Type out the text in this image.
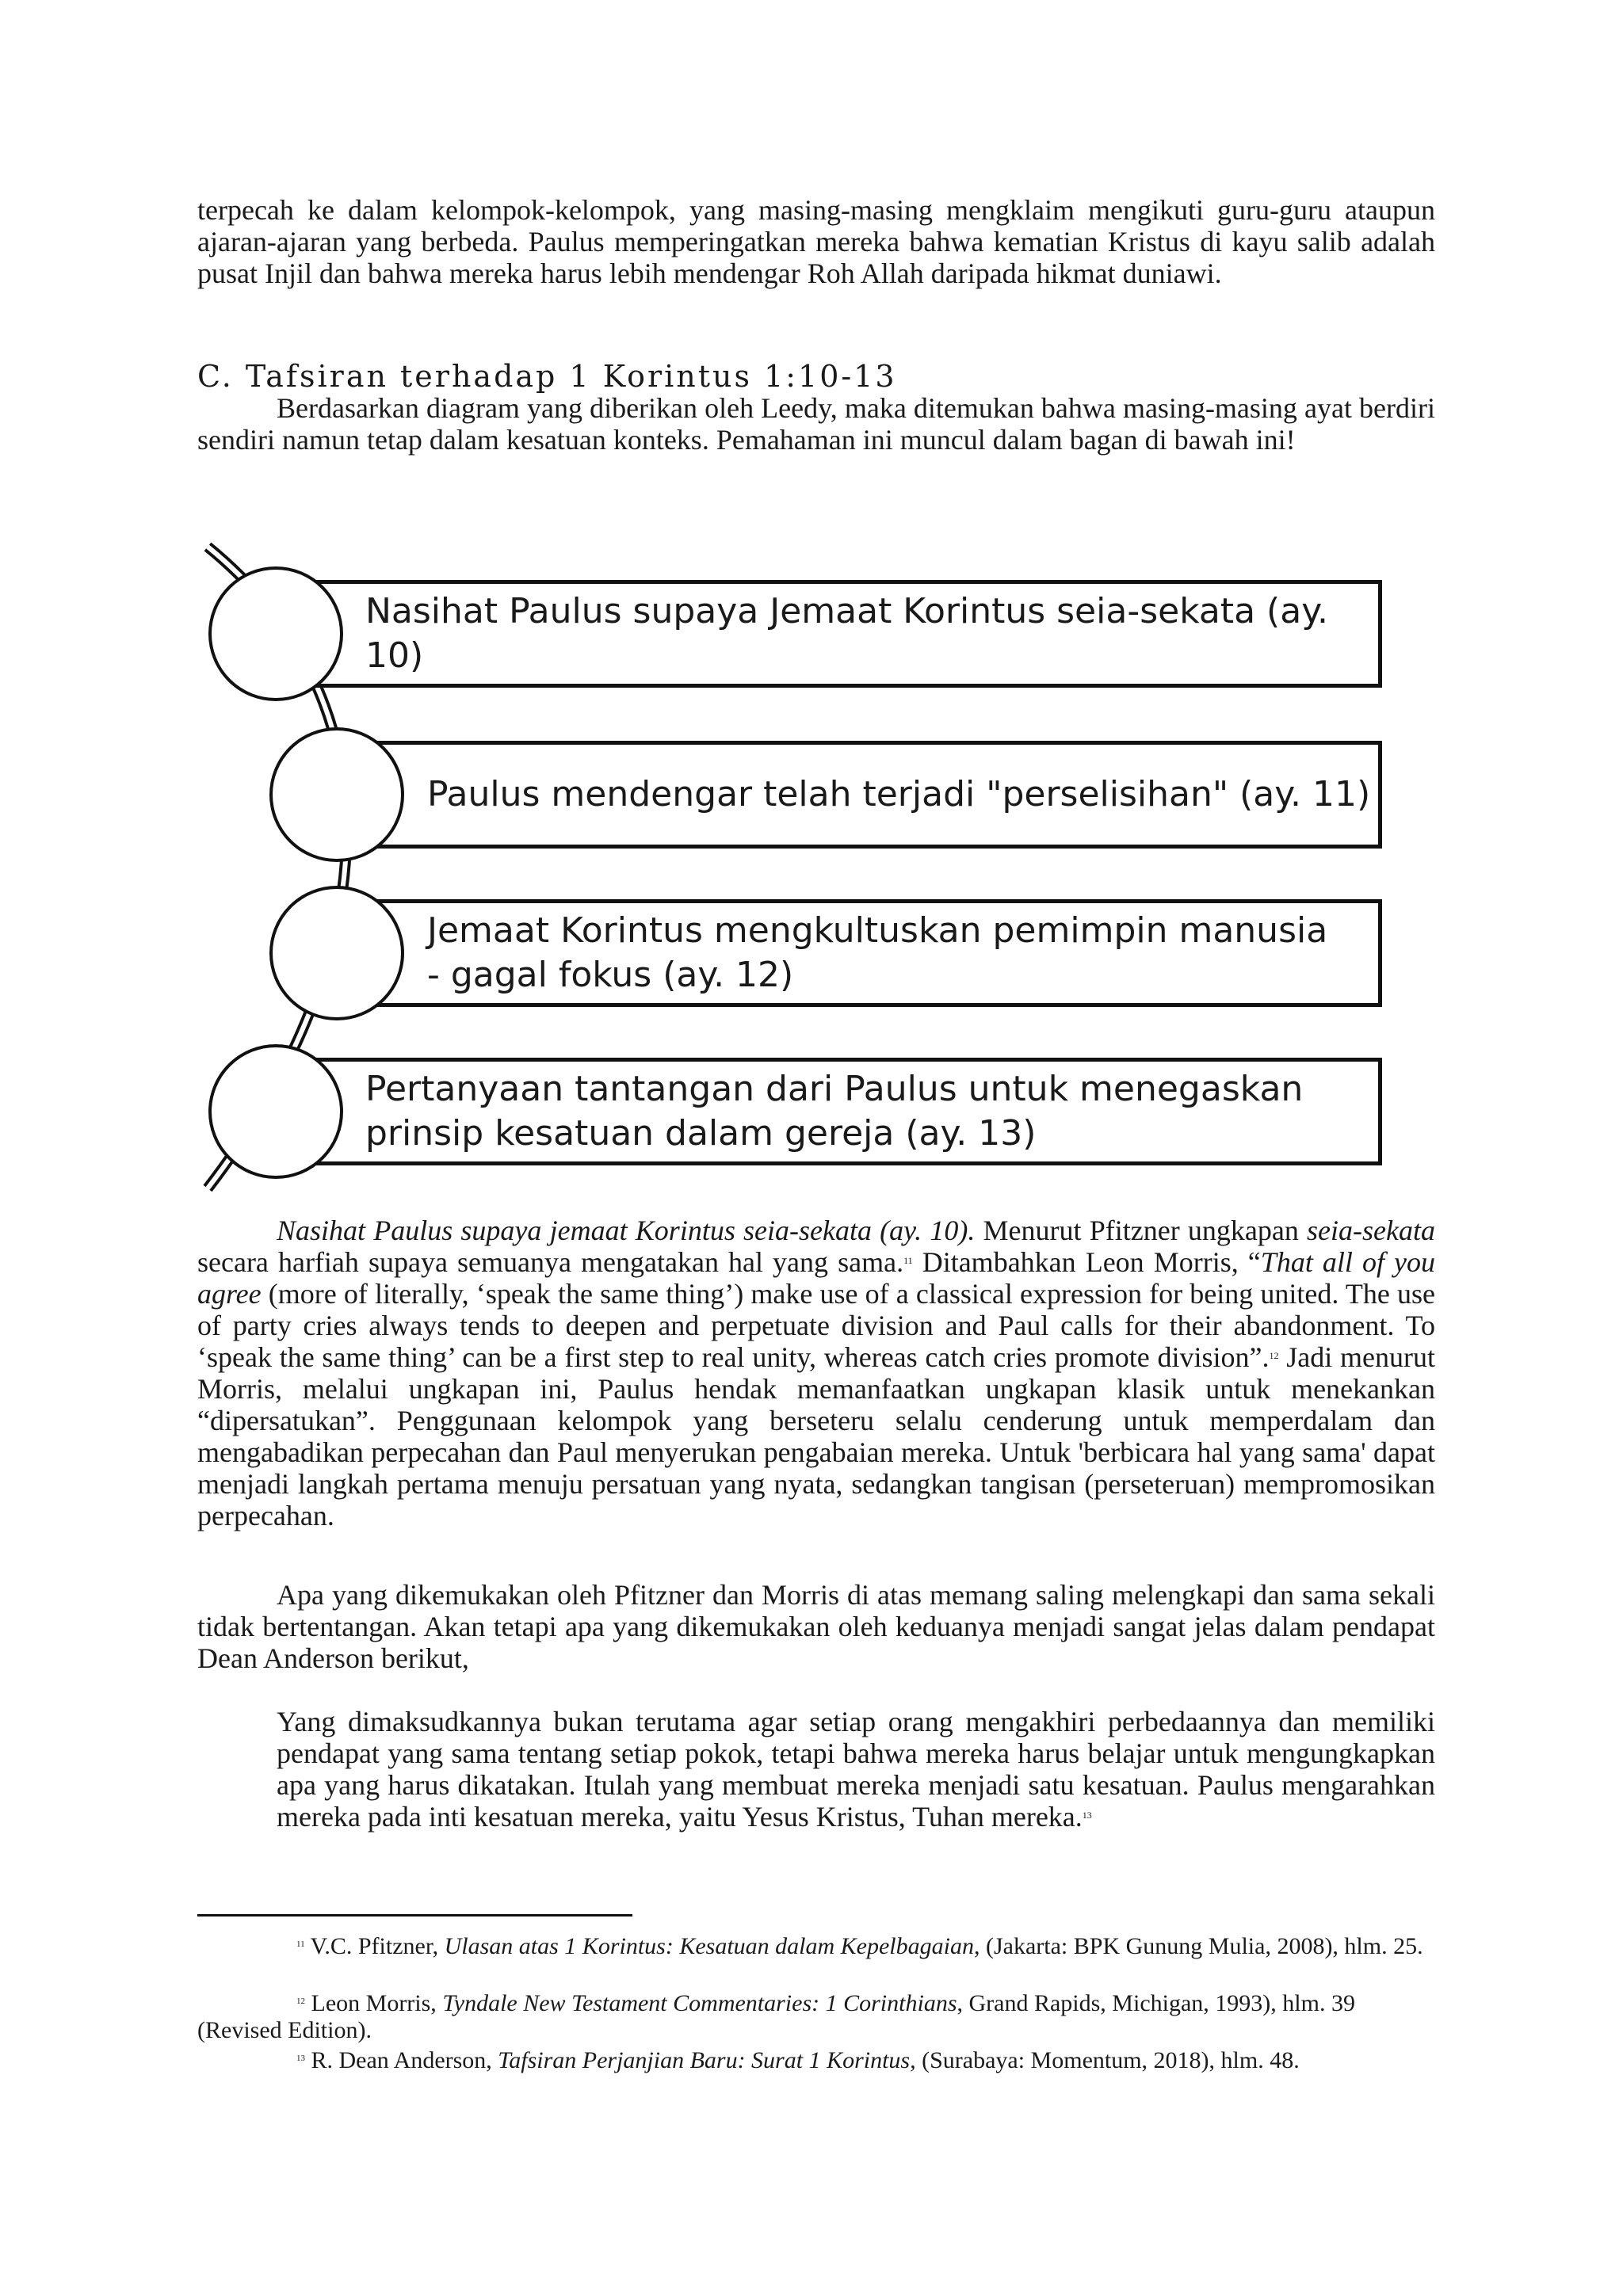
terpecah ke dalam kelompok-kelompok, yang masing-masing mengklaim mengikuti guru-guru ataupun ajaran-ajaran yang berbeda. Paulus memperingatkan mereka bahwa kematian Kristus di kayu salib adalah pusat Injil dan bahwa mereka harus lebih mendengar Roh Allah daripada hikmat duniawi.

C. Tafsiran terhadap 1 Korintus 1:10-13

Berdasarkan diagram yang diberikan oleh Leedy, maka ditemukan bahwa masing-masing ayat berdiri sendiri namun tetap dalam kesatuan konteks. Pemahaman ini muncul dalam bagan di bawah ini!

Nasihat Paulus supaya Jemaat Korintus seia-sekata (ay. 10)
Paulus mendengar telah terjadi "perselisihan" (ay. 11)
Jemaat Korintus mengkultuskan pemimpin manusia - gagal fokus (ay. 12)
Pertanyaan tantangan dari Paulus untuk menegaskan prinsip kesatuan dalam gereja (ay. 13)

Nasihat Paulus supaya jemaat Korintus seia-sekata (ay. 10). Menurut Pfitzner ungkapan seia-sekata secara harfiah supaya semuanya mengatakan hal yang sama.$^{11}$ Ditambahkan Leon Morris, “That all of you agree (more of literally, ‘speak the same thing’) make use of a classical expression for being united. The use of party cries always tends to deepen and perpetuate division and Paul calls for their abandonment. To ‘speak the same thing’ can be a first step to real unity, whereas catch cries promote division”.$^{12}$ Jadi menurut Morris, melalui ungkapan ini, Paulus hendak memanfaatkan ungkapan klasik untuk menekankan “dipersatukan”. Penggunaan kelompok yang berseteru selalu cenderung untuk memperdalam dan mengabadikan perpecahan dan Paul menyerukan pengabaian mereka. Untuk 'berbicara hal yang sama' dapat menjadi langkah pertama menuju persatuan yang nyata, sedangkan tangisan (perseteruan) mempromosikan perpecahan.

Apa yang dikemukakan oleh Pfitzner dan Morris di atas memang saling melengkapi dan sama sekali tidak bertentangan. Akan tetapi apa yang dikemukakan oleh keduanya menjadi sangat jelas dalam pendapat Dean Anderson berikut,

Yang dimaksudkannya bukan terutama agar setiap orang mengakhiri perbedaannya dan memiliki pendapat yang sama tentang setiap pokok, tetapi bahwa mereka harus belajar untuk mengungkapkan apa yang harus dikatakan. Itulah yang membuat mereka menjadi satu kesatuan. Paulus mengarahkan mereka pada inti kesatuan mereka, yaitu Yesus Kristus, Tuhan mereka.$^{13}$

$^{11}$ V.C. Pfitzner, Ulasan atas 1 Korintus: Kesatuan dalam Kepelbagaian, (Jakarta: BPK Gunung Mulia, 2008), hlm. 25.

$^{12}$ Leon Morris, Tyndale New Testament Commentaries: 1 Corinthians, Grand Rapids, Michigan, 1993), hlm. 39 (Revised Edition).

$^{13}$ R. Dean Anderson, Tafsiran Perjanjian Baru: Surat 1 Korintus, (Surabaya: Momentum, 2018), hlm. 48.
